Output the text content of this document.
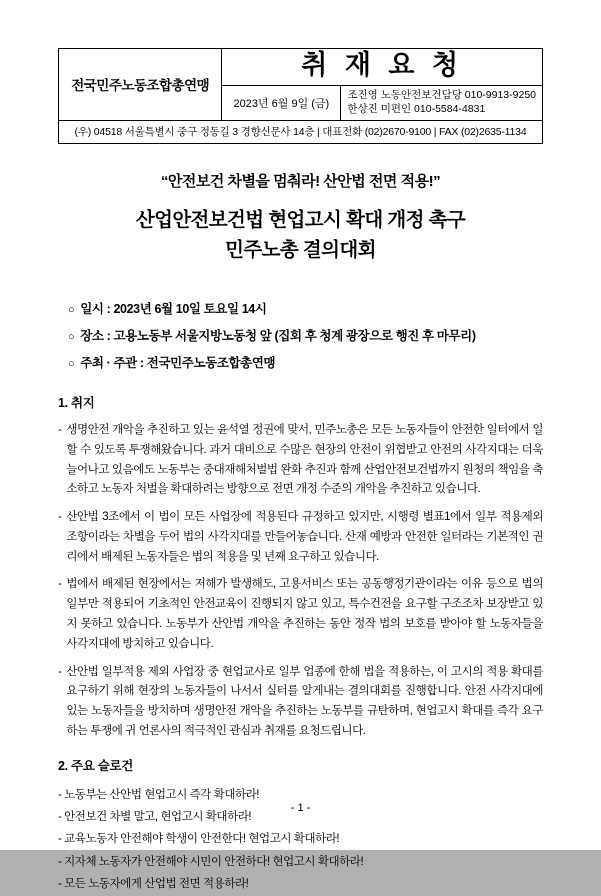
전국민주노동조합총연맹
취 재 요 청
2023년 6월 9일 (금)
조진영 노동안전보건담당 010-9913-9250
한상진 미편인 010-5584-4831
(우) 04518 서울특별시 중구 정동길 3 경향신문사 14층 | 대표전화 (02)2670-9100 | FAX (02)2635-1134
“안전보건 차별을 멈춰라! 산안법 전면 적용!”
산업안전보건법 현업고시 확대 개정 촉구
민주노총 결의대회
○ 일시 : 2023년 6월 10일 토요일 14시
○ 장소 : 고용노동부 서울지방노동청 앞 (집회 후 청계 광장으로 행진 후 마무리)
○ 주최 · 주관 : 전국민주노동조합총연맹
1. 취지
- 생명안전 개악을 추진하고 있는 윤석열 정권에 맞서, 민주노총은 모든 노동자들이 안전한 일터에서 일할 수 있도록 투쟁해왔습니다. 과거 대비으로 수많은 현장의 안전이 위협받고 안전의 사각지대는 더욱 늘어나고 있음에도 노동부는 중대재해처벌법 완화 추진과 함께 산업안전보건법까지 원청의 책임을 축소하고 노동자 처벌을 확대하려는 방향으로 전면 개정 수준의 개악을 추진하고 있습니다.
- 산안법 3조에서 이 법이 모든 사업장에 적용된다 규정하고 있지만, 시행령 별표1에서 일부 적용제외 조항이라는 차별을 두어 법의 사각지대를 만들어놓습니다. 산재 예방과 안전한 일터라는 기본적인 권리에서 배제된 노동자들은 법의 적용을 및 년째 요구하고 있습니다.
- 법에서 배제된 현장에서는 저해가 발생해도, 고용서비스 또는 공동행정기관이라는 이유 등으로 법의 일부만 적용되어 기초적인 안전교육이 진행되지 않고 있고, 특수건전을 요구할 구조조차 보장받고 있지 못하고 있습니다. 노동부가 산안법 개악을 추진하는 동안 정작 법의 보호를 받아야 할 노동자들을 사각지대에 방치하고 있습니다.
- 산안법 일부적용 제외 사업장 중 현업교사로 일부 업종에 한해 법을 적용하는, 이 고시의 적용 확대를 요구하기 위해 현장의 노동자들이 나서서 실터를 알게내는 결의대회를 진행합니다. 안전 사각지대에 있는 노동자들을 방치하며 생명안전 개악을 추진하는 노동부를 규탄하며, 현업고시 확대를 즉각 요구하는 투쟁에 귀 언론사의 적극적인 관심과 취재를 요청드립니다.
2. 주요 슬로건
- 노동부는 산안법 현업고시 즉각 확대하라!
- 안전보건 차별 말고, 현업고시 확대하라!
- 교육노동자 안전해야 학생이 안전한다! 현업고시 확대하라!
- 지자체 노동자가 안전해야 시민이 안전하다! 현업고시 확대하라!
- 모든 노동자에게 산업법 전면 적용하라!
- 1 -
